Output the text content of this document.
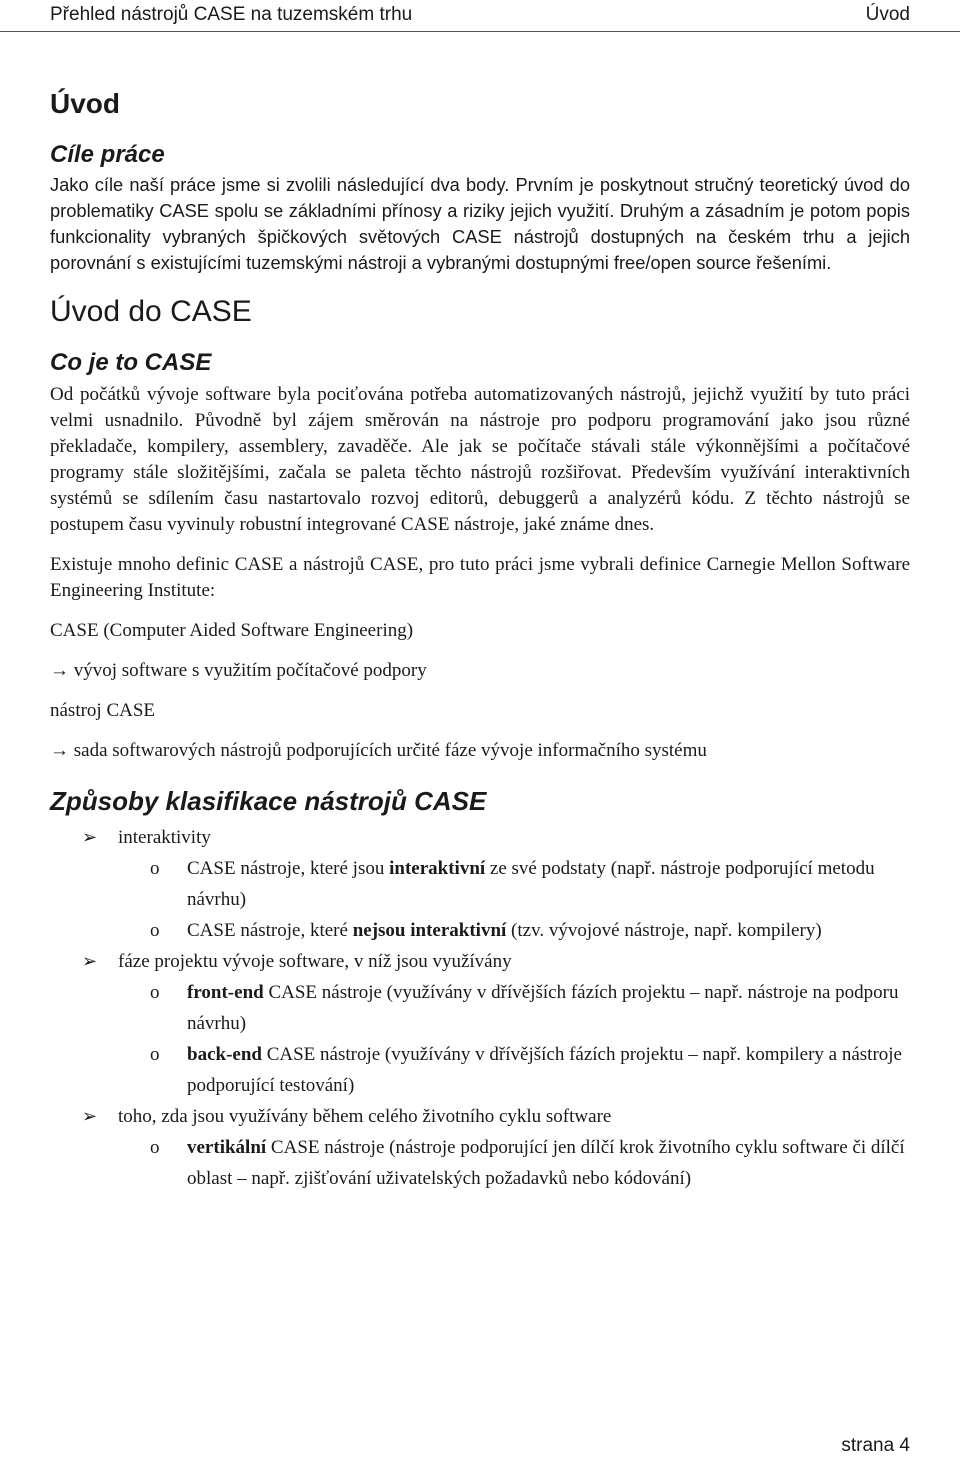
Přehled nástrojů CASE na tuzemském trhu	Úvod
Úvod
Cíle práce

Jako cíle naší práce jsme si zvolili následující dva body. Prvním je poskytnout stručný teoretický úvod do problematiky CASE spolu se základními přínosy a riziky jejich využití. Druhým a zásadním je potom popis funkcionality vybraných špičkových světových CASE nástrojů dostupných na českém trhu a jejich porovnání s existujícími tuzemskými nástroji a vybranými dostupnými free/open source řešeními.

Úvod do CASE
Co je to CASE

Od počátků vývoje software byla pociťována potřeba automatizovaných nástrojů, jejichž využití by tuto práci velmi usnadnilo. Původně byl zájem směrován na nástroje pro podporu programování jako jsou různé překladače, kompilery, assemblery, zavaděče. Ale jak se počítače stávali stále výkonnějšími a počítačové programy stále složitějšími, začala se paleta těchto nástrojů rozšiřovat. Především využívání interaktivních systémů se sdílením času nastartovalo rozvoj editorů, debuggerů a analyzérů kódu. Z těchto nástrojů se postupem času vyvinuly robustní integrované CASE nástroje, jaké známe dnes.

Existuje mnoho definic CASE a nástrojů CASE, pro tuto práci jsme vybrali definice Carnegie Mellon Software Engineering Institute:

CASE (Computer Aided Software Engineering)

→ vývoj software s využitím počítačové podpory

nástroj CASE

→ sada softwarových nástrojů podporujících určité fáze vývoje informačního systému

Způsoby klasifikace nástrojů CASE
➢ interaktivity
o CASE nástroje, které jsou interaktivní ze své podstaty (např. nástroje podporující metodu návrhu)
o CASE nástroje, které nejsou interaktivní (tzv. vývojové nástroje, např. kompilery)
➢ fáze projektu vývoje software, v níž jsou využívány
o front-end CASE nástroje (využívány v dřívějších fázích projektu – např. nástroje na podporu návrhu)
o back-end CASE nástroje (využívány v dřívějších fázích projektu – např. kompilery a nástroje podporující testování)
➢ toho, zda jsou využívány během celého životního cyklu software
o vertikální CASE nástroje (nástroje podporující jen dílčí krok životního cyklu software či dílčí oblast – např. zjišťování uživatelských požadavků nebo kódování)
strana 4
